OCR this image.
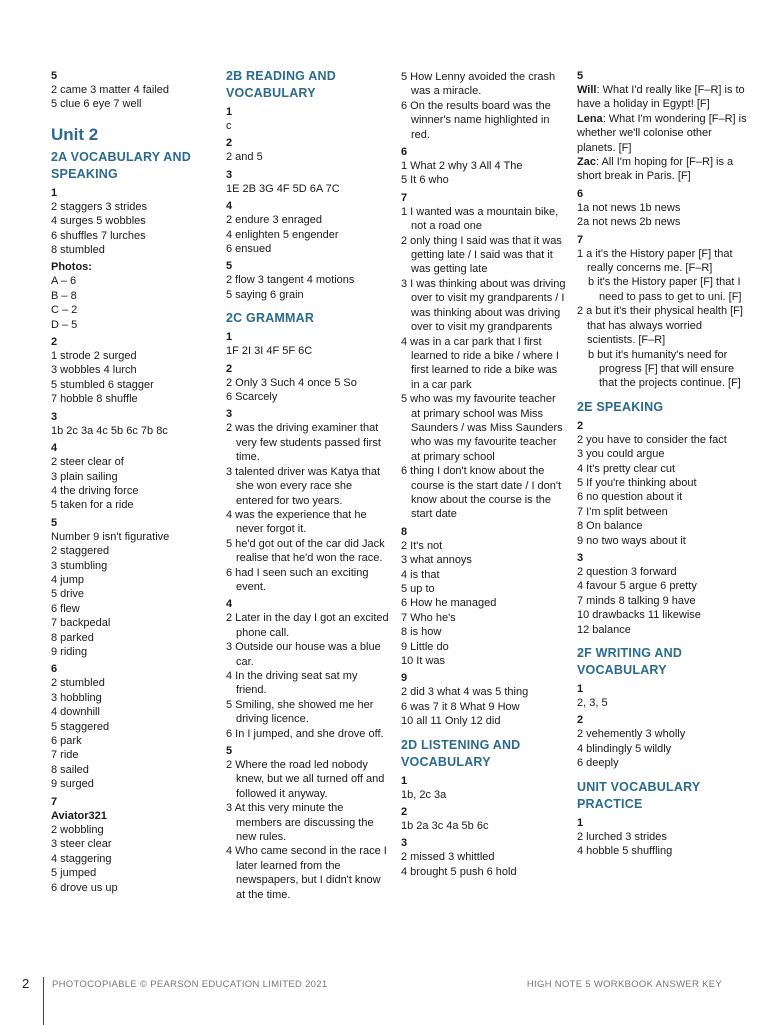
5
2 came 3 matter 4 failed
5 clue 6 eye 7 well
Unit 2
2A VOCABULARY AND SPEAKING
1
2 staggers 3 strides
4 surges 5 wobbles
6 shuffles 7 lurches
8 stumbled
Photos:
A – 6
B – 8
C – 2
D – 5
2
1 strode 2 surged
3 wobbles 4 lurch
5 stumbled 6 stagger
7 hobble 8 shuffle
3
1b 2c 3a 4c 5b 6c 7b 8c
4
2 steer clear of
3 plain sailing
4 the driving force
5 taken for a ride
5
Number 9 isn't figurative
2 staggered
3 stumbling
4 jump
5 drive
6 flew
7 backpedal
8 parked
9 riding
6
2 stumbled
3 hobbling
4 downhill
5 staggered
6 park
7 ride
8 sailed
9 surged
7
Aviator321
2 wobbling
3 steer clear
4 staggering
5 jumped
6 drove us up
2B READING AND VOCABULARY
1
c
2
2 and 5
3
1E 2B 3G 4F 5D 6A 7C
4
2 endure 3 enraged
4 enlighten 5 engender
6 ensued
5
2 flow 3 tangent 4 motions
5 saying 6 grain
2C GRAMMAR
1
1F 2I 3I 4F 5F 6C
2
2 Only 3 Such 4 once 5 So
6 Scarcely
3
2 was the driving examiner that very few students passed first time.
3 talented driver was Katya that she won every race she entered for two years.
4 was the experience that he never forgot it.
5 he'd got out of the car did Jack realise that he'd won the race.
6 had I seen such an exciting event.
4
2 Later in the day I got an excited phone call.
3 Outside our house was a blue car.
4 In the driving seat sat my friend.
5 Smiling, she showed me her driving licence.
6 In I jumped, and she drove off.
5
2 Where the road led nobody knew, but we all turned off and followed it anyway.
3 At this very minute the members are discussing the new rules.
4 Who came second in the race I later learned from the newspapers, but I didn't know at the time.
5 How Lenny avoided the crash was a miracle.
6 On the results board was the winner's name highlighted in red.
6
1 What 2 why 3 All 4 The
5 It 6 who
7
1 I wanted was a mountain bike, not a road one
2 only thing I said was that it was getting late / I said was that it was getting late
3 I was thinking about was driving over to visit my grandparents / I was thinking about was driving over to visit my grandparents
4 was in a car park that I first learned to ride a bike / where I first learned to ride a bike was in a car park
5 who was my favourite teacher at primary school was Miss Saunders / was Miss Saunders who was my favourite teacher at primary school
6 thing I don't know about the course is the start date / I don't know about the course is the start date
8
2 It's not
3 what annoys
4 is that
5 up to
6 How he managed
7 Who he's
8 is how
9 Little do
10 It was
9
2 did 3 what 4 was 5 thing
6 was 7 it 8 What 9 How
10 all 11 Only 12 did
2D LISTENING AND VOCABULARY
1
1b, 2c 3a
2
1b 2a 3c 4a 5b 6c
3
2 missed 3 whittled
4 brought 5 push 6 hold
5
Will: What I'd really like [F–R] is to have a holiday in Egypt! [F]
Lena: What I'm wondering [F–R] is whether we'll colonise other planets. [F]
Zac: All I'm hoping for [F–R] is a short break in Paris. [F]
6
1a not news 1b news
2a not news 2b news
7
1 a it's the History paper [F] that really concerns me. [F–R]
b it's the History paper [F] that I need to pass to get to uni. [F]
2 a but it's their physical health [F] that has always worried scientists. [F–R]
b but it's humanity's need for progress [F] that will ensure that the projects continue. [F]
2E SPEAKING
2
2 you have to consider the fact
3 you could argue
4 It's pretty clear cut
5 If you're thinking about
6 no question about it
7 I'm split between
8 On balance
9 no two ways about it
3
2 question 3 forward
4 favour 5 argue 6 pretty
7 minds 8 talking 9 have
10 drawbacks 11 likewise
12 balance
2F WRITING AND VOCABULARY
1
2, 3, 5
2
2 vehemently 3 wholly
4 blindingly 5 wildly
6 deeply
UNIT VOCABULARY PRACTICE
1
2 lurched 3 strides
4 hobble 5 shuffling
2 PHOTOCOPIABLE © PEARSON EDUCATION LIMITED 2021	HIGH NOTE 5 WORKBOOK ANSWER KEY
